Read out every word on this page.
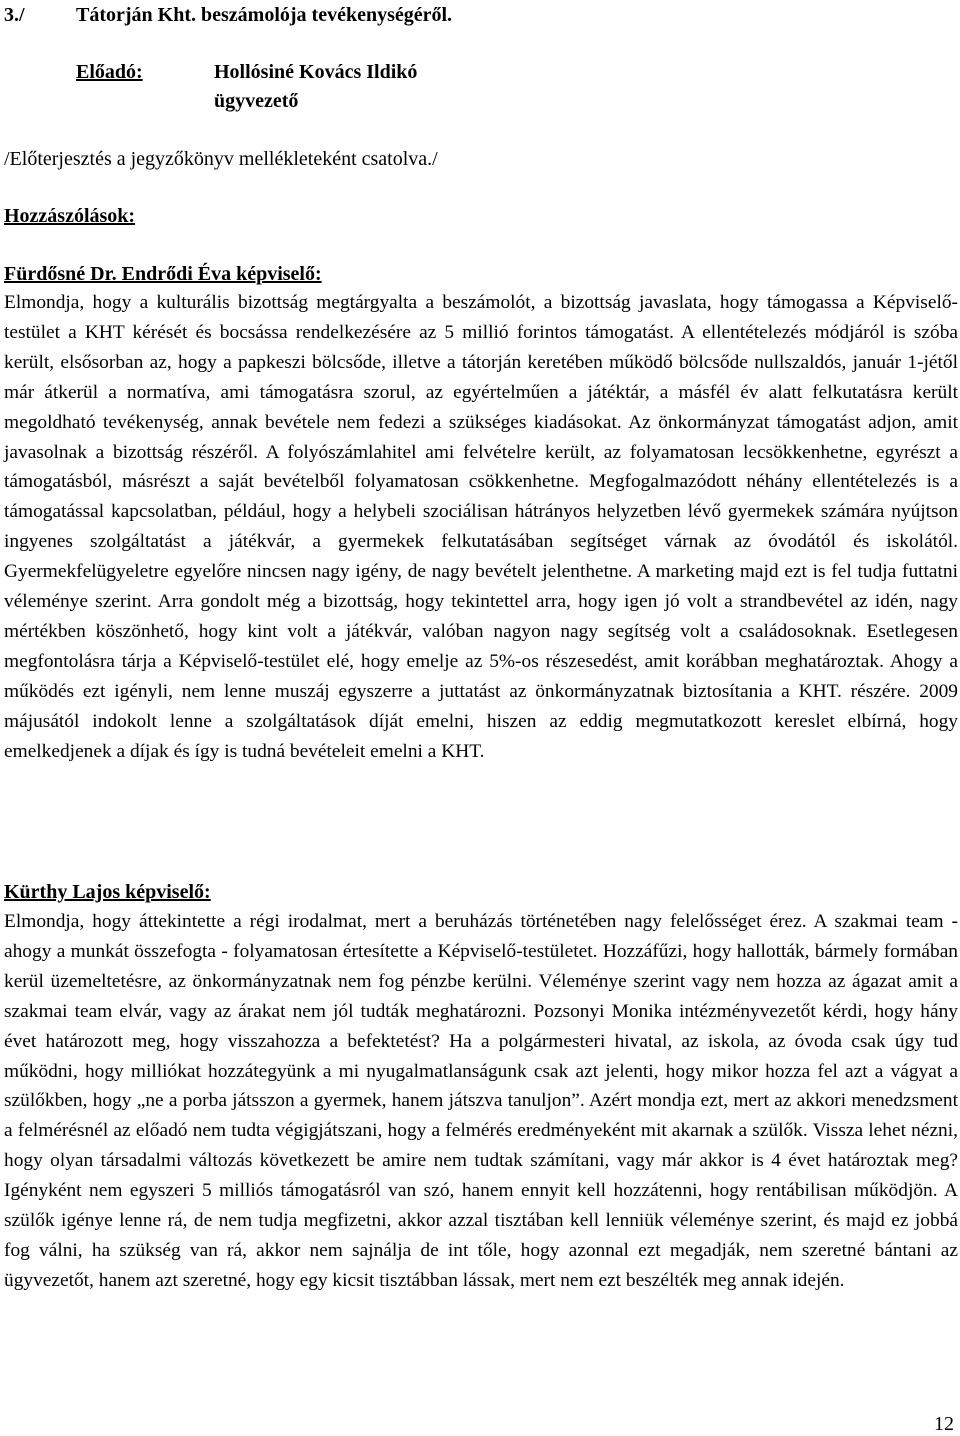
3./	Tátorján Kht. beszámolója tevékenységéről.
Előadó:	Hollósiné Kovács Ildikó
ügyvezető
/Előterjesztés a jegyzőkönyv mellékleteként csatolva./
Hozzászólások:
Fürdősné Dr. Endrődi Éva képviselő:
Elmondja, hogy a kulturális bizottság megtárgyalta a beszámolót, a bizottság javaslata, hogy támogassa a Képviselő-testület a KHT kérését és bocsássa rendelkezésére az 5 millió forintos támogatást. A ellentételezés módjáról is szóba került, elsősorban az, hogy a papkeszi bölcsőde, illetve a tátorján keretében működő bölcsőde nullszaldós, január 1-jétől már átkerül a normatíva, ami támogatásra szorul, az egyértelműen a játéktár, a másfél év alatt felkutatásra került megoldható tevékenység, annak bevétele nem fedezi a szükséges kiadásokat. Az önkormányzat támogatást adjon, amit javasolnak a bizottság részéről. A folyószámlahitel ami felvételre került, az folyamatosan lecsökkenhetne, egyrészt a támogatásból, másrészt a saját bevételből folyamatosan csökkenhetne. Megfogalmazódott néhány ellentételezés is a támogatással kapcsolatban, például, hogy a helybeli szociálisan hátrányos helyzetben lévő gyermekek számára nyújtson ingyenes szolgáltatást a játékvár, a gyermekek felkutatásában segítséget várnak az óvodától és iskolától. Gyermekfelügyeletre egyelőre nincsen nagy igény, de nagy bevételt jelenthetne. A marketing majd ezt is fel tudja futtatni véleménye szerint. Arra gondolt még a bizottság, hogy tekintettel arra, hogy igen jó volt a strandbevétel az idén, nagy mértékben köszönhető, hogy kint volt a játékvár, valóban nagyon nagy segítség volt a családosoknak. Esetlegesen megfontolásra tárja a Képviselő-testület elé, hogy emelje az 5%-os részesedést, amit korábban meghatároztak. Ahogy a működés ezt igényli, nem lenne muszáj egyszerre a juttatást az önkormányzatnak biztosítania a KHT. részére. 2009 májusától indokolt lenne a szolgáltatások díját emelni, hiszen az eddig megmutatkozott kereslet elbírná, hogy emelkedjenek a díjak és így is tudná bevételeit emelni a KHT.
Kürthy Lajos képviselő:
Elmondja, hogy áttekintette a régi irodalmat, mert a beruházás történetében nagy felelősséget érez. A szakmai team - ahogy a munkát összefogta - folyamatosan értesítette a Képviselő-testületet. Hozzáfűzi, hogy hallották, bármely formában kerül üzemeltetésre, az önkormányzatnak nem fog pénzbe kerülni. Véleménye szerint vagy nem hozza az ágazat amit a szakmai team elvár, vagy az árakat nem jól tudták meghatározni. Pozsonyi Monika intézményvezetőt kérdi, hogy hány évet határozott meg, hogy visszahozza a befektetést? Ha a polgármesteri hivatal, az iskola, az óvoda csak úgy tud működni, hogy milliókat hozzátegyünk a mi nyugalmatlanságunk csak azt jelenti, hogy mikor hozza fel azt a vágyat a szülőkben, hogy „ne a porba játsszon a gyermek, hanem játszva tanuljon”. Azért mondja ezt, mert az akkori menedzsment a felmérésnél az előadó nem tudta végigjátszani, hogy a felmérés eredményeként mit akarnak a szülők. Vissza lehet nézni, hogy olyan társadalmi változás következett be amire nem tudtak számítani, vagy már akkor is 4 évet határoztak meg? Igényként nem egyszeri 5 milliós támogatásról van szó, hanem ennyit kell hozzátenni, hogy rentábilisan működjön. A szülők igénye lenne rá, de nem tudja megfizetni, akkor azzal tisztában kell lenniük véleménye szerint, és majd ez jobbá fog válni, ha szükség van rá, akkor nem sajnálja de int tőle, hogy azonnal ezt megadják, nem szeretné bántani az ügyvezetőt, hanem azt szeretné, hogy egy kicsit tisztábban lássak, mert nem ezt beszélték meg annak idején.
12
